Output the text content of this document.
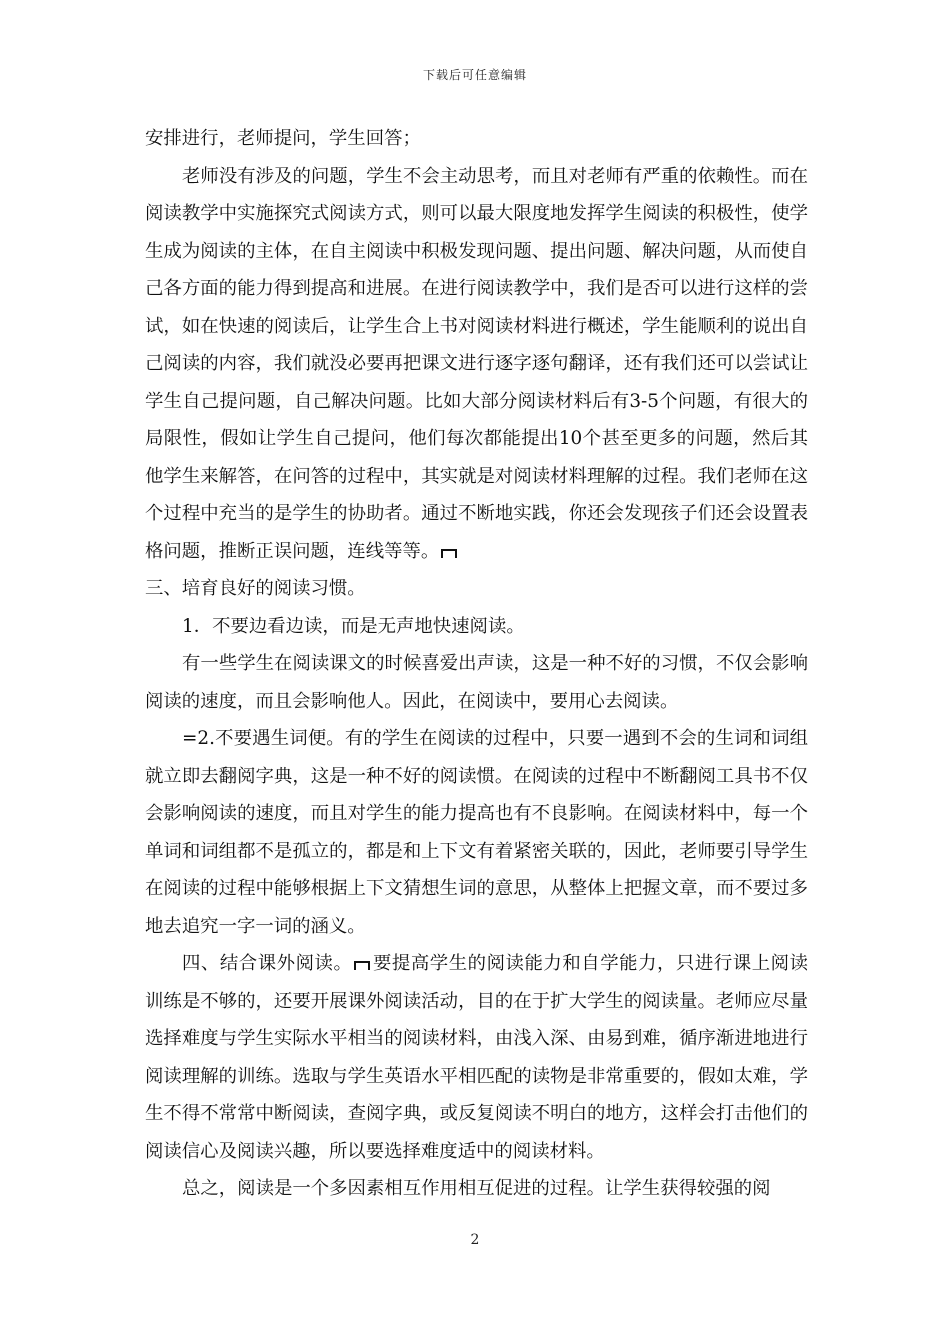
下载后可任意编辑

安排进行，老师提问，学生回答；

老师没有涉及的问题，学生不会主动思考，而且对老师有严重的依赖性。而在阅读教学中实施探究式阅读方式，则可以最大限度地发挥学生阅读的积极性，使学生成为阅读的主体，在自主阅读中积极发现问题、提出问题、解决问题，从而使自己各方面的能力得到提高和进展。在进行阅读教学中，我们是否可以进行这样的尝试，如在快速的阅读后，让学生合上书对阅读材料进行概述，学生能顺利的说出自己阅读的内容，我们就没必要再把课文进行逐字逐句翻译，还有我们还可以尝试让学生自己提问题，自己解决问题。比如大部分阅读材料后有3-5个问题，有很大的局限性，假如让学生自己提问，他们每次都能提出10个甚至更多的问题，然后其他学生来解答，在问答的过程中，其实就是对阅读材料理解的过程。我们老师在这个过程中充当的是学生的协助者。通过不断地实践，你还会发现孩子们还会设置表格问题，推断正误问题，连线等等。

三、培育良好的阅读习惯。

1．不要边看边读，而是无声地快速阅读。

有一些学生在阅读课文的时候喜爱出声读，这是一种不好的习惯，不仅会影响阅读的速度，而且会影响他人。因此，在阅读中，要用心去阅读。

=2.不要遇生词便。有的学生在阅读的过程中，只要一遇到不会的生词和词组就立即去翻阅字典，这是一种不好的阅读惯。在阅读的过程中不断翻阅工具书不仅会影响阅读的速度，而且对学生的能力提高也有不良影响。在阅读材料中，每一个单词和词组都不是孤立的，都是和上下文有着紧密关联的，因此，老师要引导学生在阅读的过程中能够根据上下文猜想生词的意思，从整体上把握文章，而不要过多地去追究一字一词的涵义。

四、结合课外阅读。 要提高学生的阅读能力和自学能力，只进行课上阅读训练是不够的，还要开展课外阅读活动，目的在于扩大学生的阅读量。老师应尽量选择难度与学生实际水平相当的阅读材料，由浅入深、由易到难，循序渐进地进行阅读理解的训练。选取与学生英语水平相匹配的读物是非常重要的，假如太难，学生不得不常常中断阅读，查阅字典，或反复阅读不明白的地方，这样会打击他们的阅读信心及阅读兴趣，所以要选择难度适中的阅读材料。

总之，阅读是一个多因素相互作用相互促进的过程。让学生获得较强的阅

2
